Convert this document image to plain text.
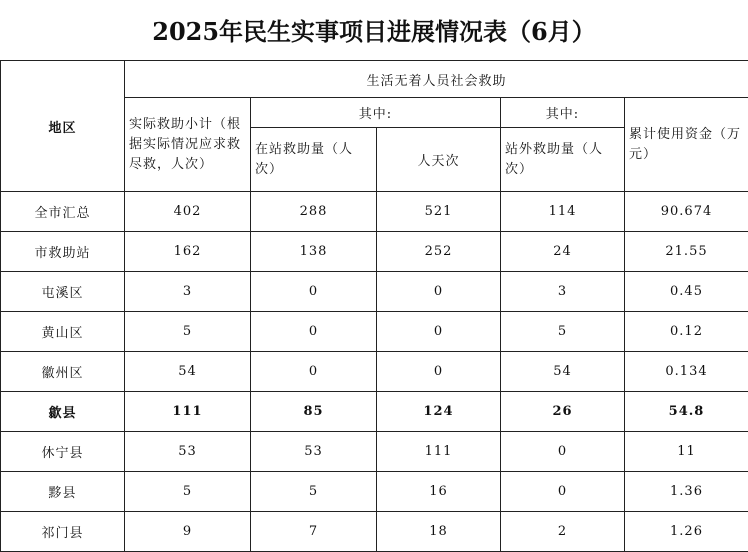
2025年民生实事项目进展情况表（6月）
地区	生活无着人员社会救助				
	实际救助小计（根据实际情况应求救尽救，人次）	其中:		其中:	累计使用资金（万元）
		在站救助量（人次）	人天次	站外救助量（人次）	
全市汇总	402	288	521	114	90.674
市救助站	162	138	252	24	21.55
屯溪区	3	0	0	3	0.45
黄山区	5	0	0	5	0.12
徽州区	54	0	0	54	0.134
歙县	111	85	124	26	54.8
休宁县	53	53	111	0	11
黟县	5	5	16	0	1.36
祁门县	9	7	18	2	1.26
